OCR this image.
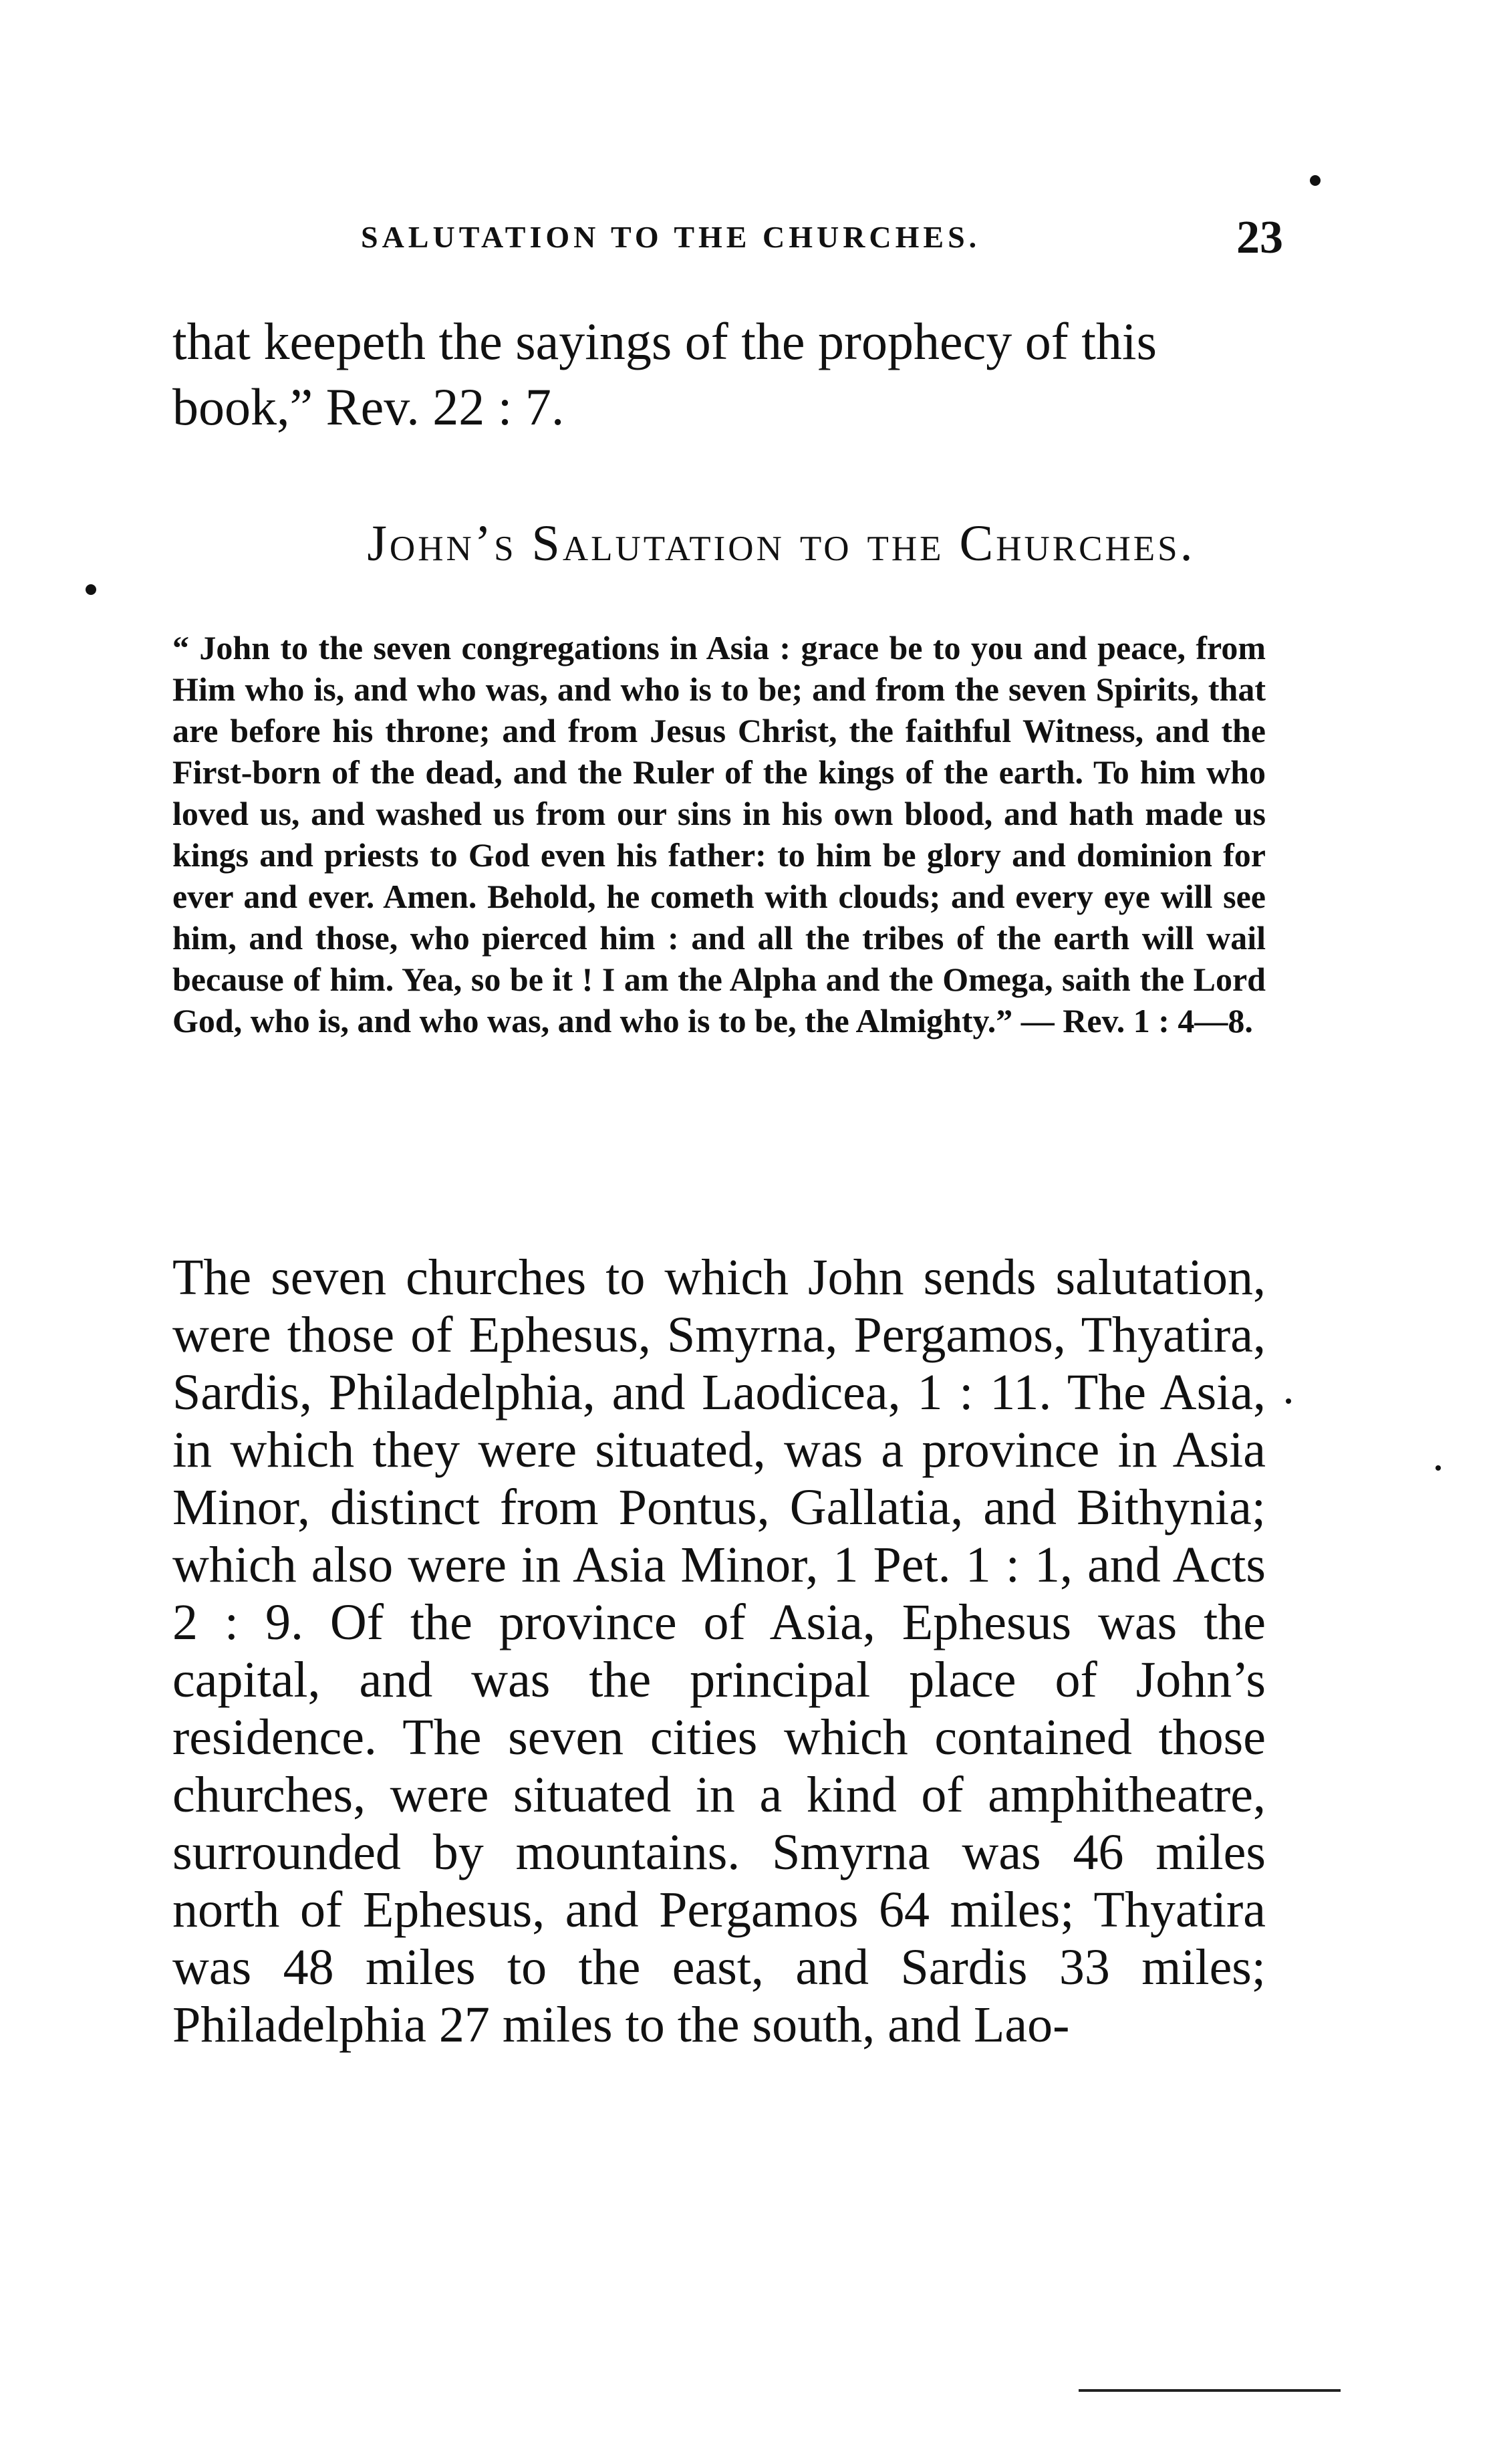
SALUTATION TO THE CHURCHES.	23
that keepeth the sayings of the prophecy of this book,” Rev. 22 : 7.
John’s Salutation to the Churches.
“ John to the seven congregations in Asia : grace be to you and peace, from Him who is, and who was, and who is to be; and from the seven Spirits, that are before his throne; and from Jesus Christ, the faithful Witness, and the First-born of the dead, and the Ruler of the kings of the earth. To him who loved us, and washed us from our sins in his own blood, and hath made us kings and priests to God even his father: to him be glory and dominion for ever and ever. Amen. Behold, he cometh with clouds; and every eye will see him, and those, who pierced him : and all the tribes of the earth will wail because of him. Yea, so be it ! I am the Alpha and the Omega, saith the Lord God, who is, and who was, and who is to be, the Almighty.” — Rev. 1 : 4—8.
The seven churches to which John sends salutation, were those of Ephesus, Smyrna, Pergamos, Thyatira, Sardis, Philadelphia, and Laodicea, 1 : 11. The Asia, in which they were situated, was a province in Asia Minor, distinct from Pontus, Gallatia, and Bithynia; which also were in Asia Minor, 1 Pet. 1 : 1, and Acts 2 : 9. Of the province of Asia, Ephesus was the capital, and was the principal place of John’s residence. The seven cities which contained those churches, were situated in a kind of amphitheatre, surrounded by mountains. Smyrna was 46 miles north of Ephesus, and Pergamos 64 miles; Thyatira was 48 miles to the east, and Sardis 33 miles; Philadelphia 27 miles to the south, and Lao-
